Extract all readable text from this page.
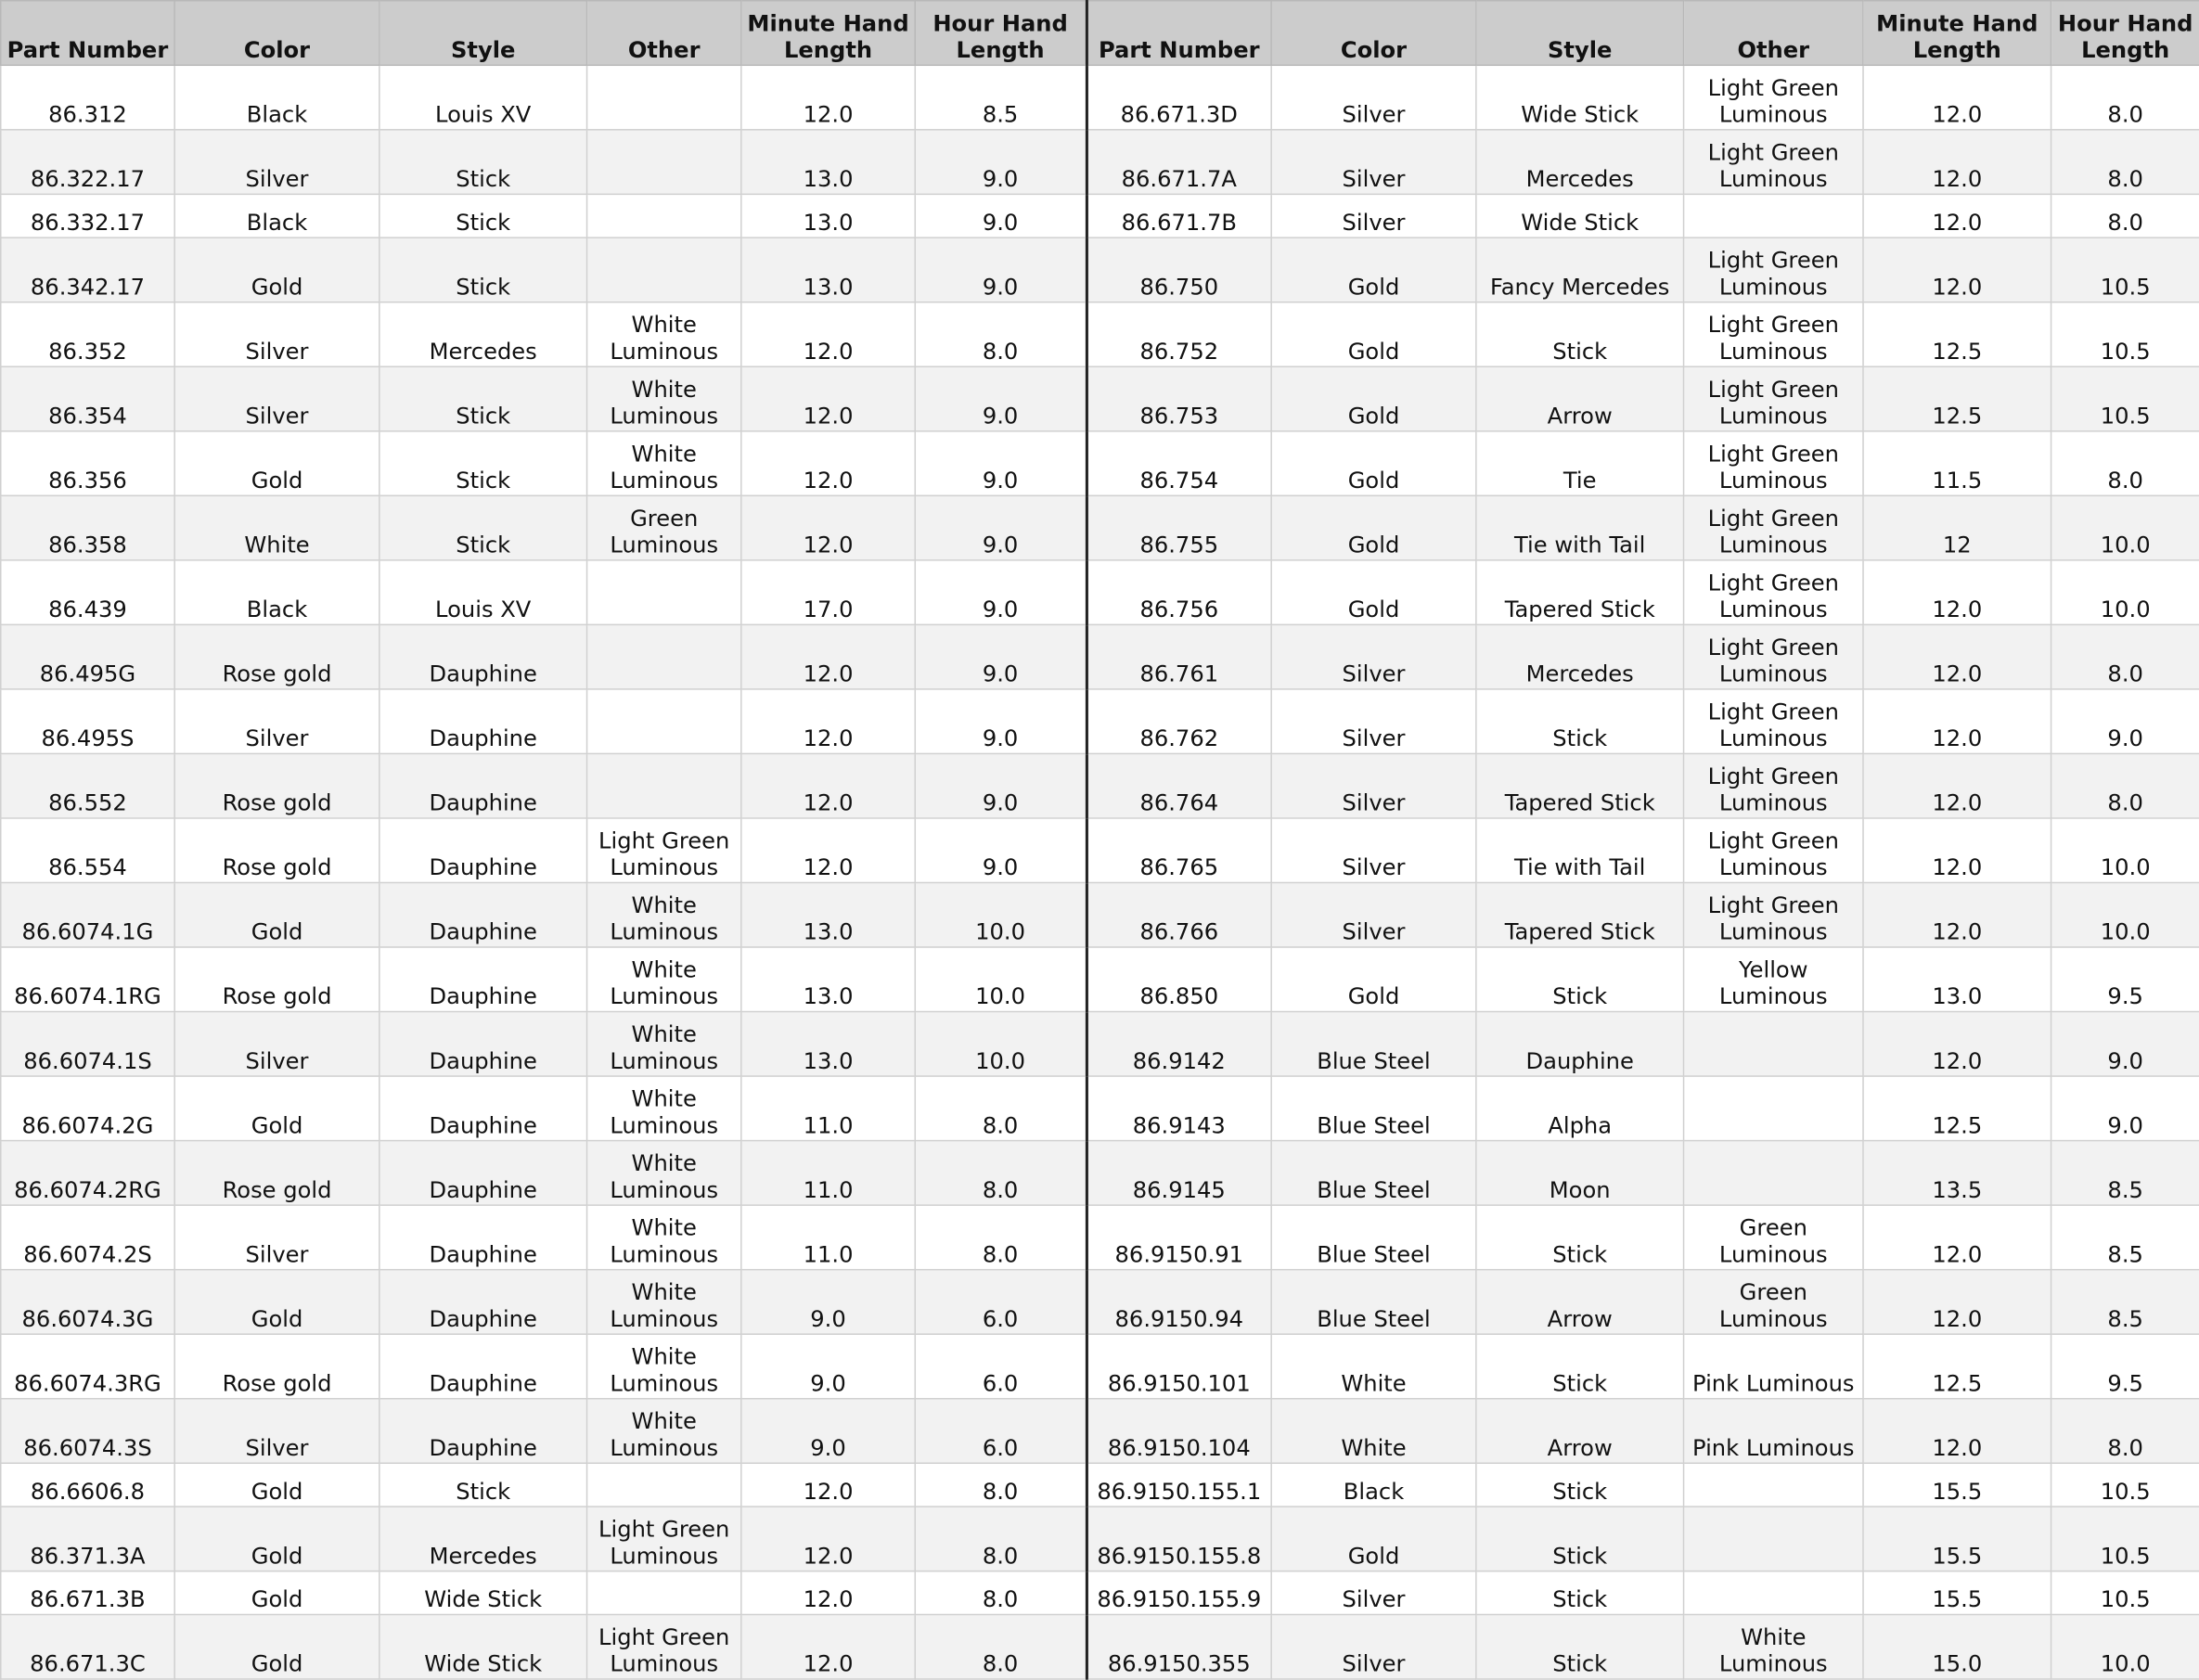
Part Number	Color	Style	Other	Minute Hand Length	Hour Hand Length	Part Number	Color	Style	Other	Minute Hand Length	Hour Hand Length
86.312	Black	Louis XV		12.0	8.5	86.671.3D	Silver	Wide Stick	Light Green Luminous	12.0	8.0
86.322.17	Silver	Stick		13.0	9.0	86.671.7A	Silver	Mercedes	Light Green Luminous	12.0	8.0
86.332.17	Black	Stick		13.0	9.0	86.671.7B	Silver	Wide Stick		12.0	8.0
86.342.17	Gold	Stick		13.0	9.0	86.750	Gold	Fancy Mercedes	Light Green Luminous	12.0	10.5
86.352	Silver	Mercedes	White Luminous	12.0	8.0	86.752	Gold	Stick	Light Green Luminous	12.5	10.5
86.354	Silver	Stick	White Luminous	12.0	9.0	86.753	Gold	Arrow	Light Green Luminous	12.5	10.5
86.356	Gold	Stick	White Luminous	12.0	9.0	86.754	Gold	Tie	Light Green Luminous	11.5	8.0
86.358	White	Stick	Green Luminous	12.0	9.0	86.755	Gold	Tie with Tail	Light Green Luminous	12	10.0
86.439	Black	Louis XV		17.0	9.0	86.756	Gold	Tapered Stick	Light Green Luminous	12.0	10.0
86.495G	Rose gold	Dauphine		12.0	9.0	86.761	Silver	Mercedes	Light Green Luminous	12.0	8.0
86.495S	Silver	Dauphine		12.0	9.0	86.762	Silver	Stick	Light Green Luminous	12.0	9.0
86.552	Rose gold	Dauphine		12.0	9.0	86.764	Silver	Tapered Stick	Light Green Luminous	12.0	8.0
86.554	Rose gold	Dauphine	Light Green Luminous	12.0	9.0	86.765	Silver	Tie with Tail	Light Green Luminous	12.0	10.0
86.6074.1G	Gold	Dauphine	White Luminous	13.0	10.0	86.766	Silver	Tapered Stick	Light Green Luminous	12.0	10.0
86.6074.1RG	Rose gold	Dauphine	White Luminous	13.0	10.0	86.850	Gold	Stick	Yellow Luminous	13.0	9.5
86.6074.1S	Silver	Dauphine	White Luminous	13.0	10.0	86.9142	Blue Steel	Dauphine		12.0	9.0
86.6074.2G	Gold	Dauphine	White Luminous	11.0	8.0	86.9143	Blue Steel	Alpha		12.5	9.0
86.6074.2RG	Rose gold	Dauphine	White Luminous	11.0	8.0	86.9145	Blue Steel	Moon		13.5	8.5
86.6074.2S	Silver	Dauphine	White Luminous	11.0	8.0	86.9150.91	Blue Steel	Stick	Green Luminous	12.0	8.5
86.6074.3G	Gold	Dauphine	White Luminous	9.0	6.0	86.9150.94	Blue Steel	Arrow	Green Luminous	12.0	8.5
86.6074.3RG	Rose gold	Dauphine	White Luminous	9.0	6.0	86.9150.101	White	Stick	Pink Luminous	12.5	9.5
86.6074.3S	Silver	Dauphine	White Luminous	9.0	6.0	86.9150.104	White	Arrow	Pink Luminous	12.0	8.0
86.6606.8	Gold	Stick		12.0	8.0	86.9150.155.1	Black	Stick		15.5	10.5
86.371.3A	Gold	Mercedes	Light Green Luminous	12.0	8.0	86.9150.155.8	Gold	Stick		15.5	10.5
86.671.3B	Gold	Wide Stick		12.0	8.0	86.9150.155.9	Silver	Stick		15.5	10.5
86.671.3C	Gold	Wide Stick	Light Green Luminous	12.0	8.0	86.9150.355	Silver	Stick	White Luminous	15.0	10.0
